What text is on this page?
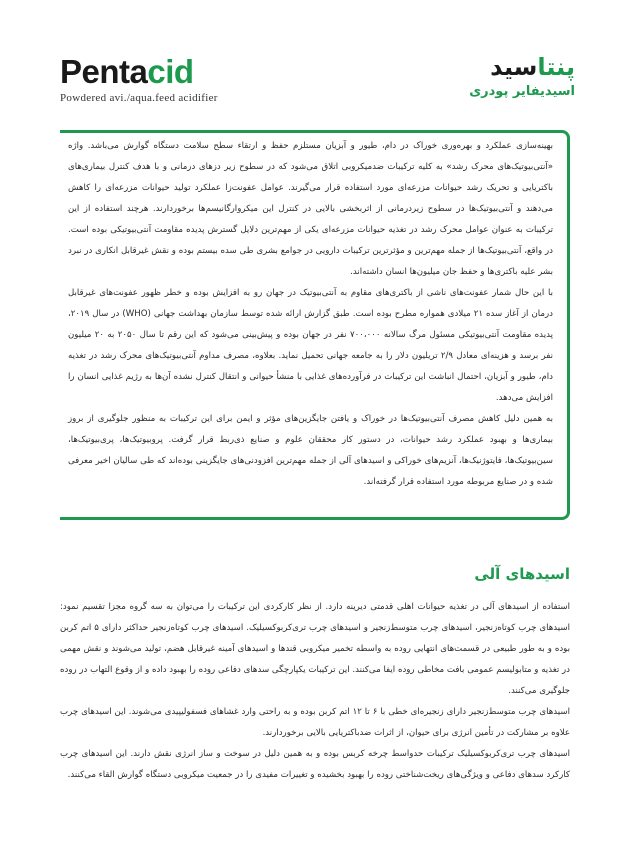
Pentacid
Powdered avi./aqua.feed acidifier
پنتاسید
اسیدیفایر پودری

بهینه‌سازی عملکرد و بهره‌وری خوراک در دام، طیور و آبزیان مستلزم حفظ و ارتقاء سطح سلامت دستگاه گوارش می‌باشد. واژه «آنتی‌بیوتیک‌های محرک رشد» به کلیه ترکیبات ضدمیکروبی اتلاق می‌شود که در سطوح زیر دزهای درمانی و با هدف کنترل بیماری‌های باکتریایی و تحریک رشد حیوانات مزرعه‌ای مورد استفاده قرار می‌گیرند. عوامل عفونت‌زا عملکرد تولید حیوانات مزرعه‌ای را کاهش می‌دهند و آنتی‌بیوتیک‌ها در سطوح زیردرمانی از اثربخشی بالایی در کنترل این میکروارگانیسم‌ها برخوردارند. هرچند استفاده از این ترکیبات به عنوان عوامل محرک رشد در تغذیه حیوانات مزرعه‌ای یکی از مهم‌ترین دلایل گسترش پدیده مقاومت آنتی‌بیوتیکی بوده است. در واقع، آنتی‌بیوتیک‌ها از جمله مهم‌ترین و مؤثرترین ترکیبات دارویی در جوامع بشری طی سده بیستم بوده و نقش غیرقابل انکاری در نبرد بشر علیه باکتری‌ها و حفظ جان میلیون‌ها انسان داشته‌اند.

با این حال شمار عفونت‌های ناشی از باکتری‌های مقاوم به آنتی‌بیوتیک در جهان رو به افزایش بوده و خطر ظهور عفونت‌های غیرقابل درمان از آغاز سده ۲۱ میلادی همواره مطرح بوده است. طبق گزارش ارائه شده توسط سازمان بهداشت جهانی (WHO) در سال ۲۰۱۹، پدیده مقاومت آنتی‌بیوتیکی مسئول مرگ سالانه ۷۰۰،۰۰۰ نفر در جهان بوده و پیش‌بینی می‌شود که این رقم تا سال ۲۰۵۰ به ۲۰ میلیون نفر برسد و هزینه‌ای معادل ۲/۹ تریلیون دلار را به جامعه جهانی تحمیل نماید. بعلاوه، مصرف مداوم آنتی‌بیوتیک‌های محرک رشد در تغذیه دام، طیور و آبزیان، احتمال انباشت این ترکیبات در فرآورده‌های غذایی با منشأ حیوانی و انتقال کنترل نشده آن‌ها به رژیم غذایی انسان را افزایش می‌دهد.

به همین دلیل کاهش مصرف آنتی‌بیوتیک‌ها در خوراک و یافتن جایگزین‌های مؤثر و ایمن برای این ترکیبات به منظور جلوگیری از بروز بیماری‌ها و بهبود عملکرد رشد حیوانات، در دستور کار محققان علوم و صنایع ذی‌ربط قرار گرفت. پروبیوتیک‌ها، پری‌بیوتیک‌ها، سین‌بیوتیک‌ها، فایتوژنیک‌ها، آنزیم‌های خوراکی و اسیدهای آلی از جمله مهم‌ترین افزودنی‌های جایگزینی بوده‌اند که طی سالیان اخیر معرفی شده و در صنایع مربوطه مورد استفاده قرار گرفته‌اند.

اسیدهای آلی

استفاده از اسیدهای آلی در تغذیه حیوانات اهلی قدمتی دیرینه دارد. از نظر کارکردی این ترکیبات را می‌توان به سه گروه مجزا تقسیم نمود: اسیدهای چرب کوتاه‌زنجیر، اسیدهای چرب متوسط‌زنجیر و اسیدهای چرب تری‌کربوکسیلیک. اسیدهای چرب کوتاه‌زنجیر حداکثر دارای ۵ اتم کربن بوده و به طور طبیعی در قسمت‌های انتهایی روده به واسطه تخمیر میکروبی قندها و اسیدهای آمینه غیرقابل هضم، تولید می‌شوند و نقش مهمی در تغذیه و متابولیسم عمومی بافت مخاطی روده ایفا می‌کنند. این ترکیبات یکپارچگی سدهای دفاعی روده را بهبود داده و از وقوع التهاب در روده جلوگیری می‌کنند.

اسیدهای چرب متوسط‌زنجیر دارای زنجیره‌ای خطی با ۶ تا ۱۲ اتم کربن بوده و به راحتی وارد غشاهای فسفولیپیدی می‌شوند. این اسیدهای چرب علاوه بر مشارکت در تأمین انرژی برای حیوان، از اثرات ضدباکتریایی بالایی برخوردارند.

اسیدهای چرب تری‌کربوکسیلیک ترکیبات حدواسط چرخه کربس بوده و به همین دلیل در سوخت و ساز انرژی نقش دارند. این اسیدهای چرب کارکرد سدهای دفاعی و ویژگی‌های ریخت‌شناختی روده را بهبود بخشیده و تغییرات مفیدی را در جمعیت میکروبی دستگاه گوارش القاء می‌کنند.
